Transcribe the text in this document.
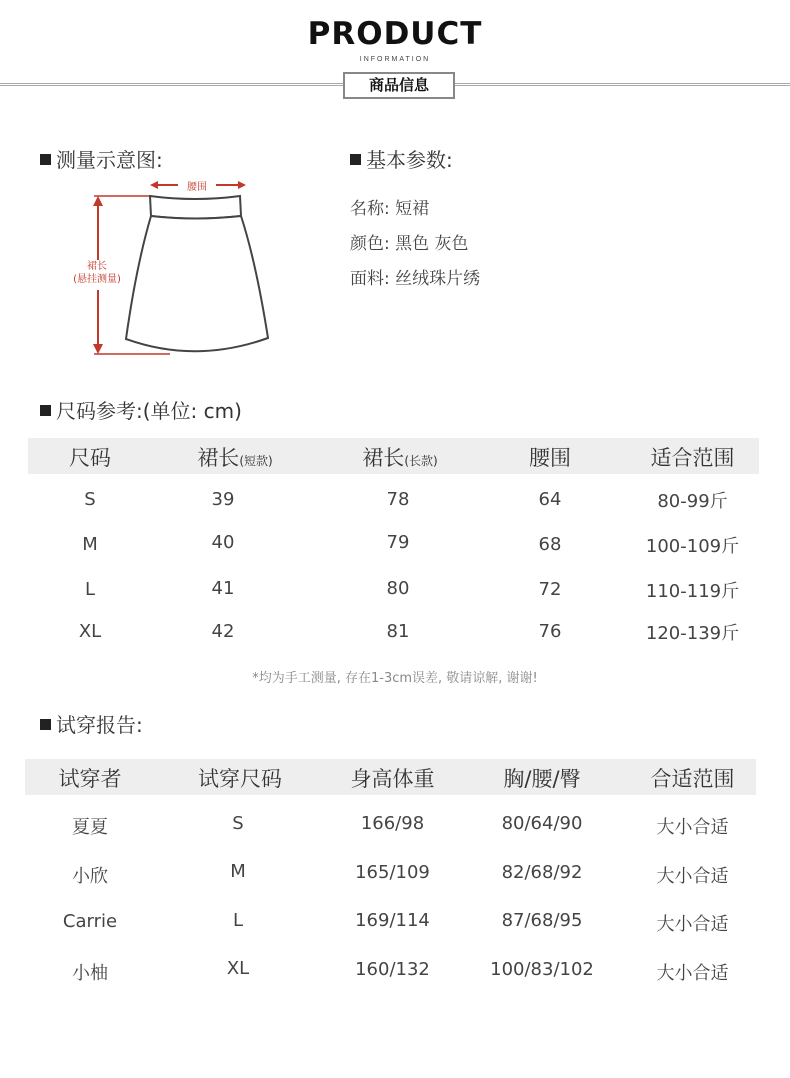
PRODUCT
INFORMATION
商品信息
测量示意图:
腰围
裙长
(悬挂测量)
基本参数:
名称: 短裙
颜色: 黑色 灰色
面料: 丝绒珠片绣
尺码参考:(单位: cm)
尺码	裙长(短款)	裙长(长款)	腰围	适合范围
S	39	78	64	80-99斤
M	40	79	68	100-109斤
L	41	80	72	110-119斤
XL	42	81	76	120-139斤
*均为手工测量, 存在1-3cm误差, 敬请谅解, 谢谢!
试穿报告:
试穿者	试穿尺码	身高体重	胸/腰/臀	合适范围
夏夏	S	166/98	80/64/90	大小合适
小欣	M	165/109	82/68/92	大小合适
Carrie	L	169/114	87/68/95	大小合适
小柚	XL	160/132	100/83/102	大小合适
